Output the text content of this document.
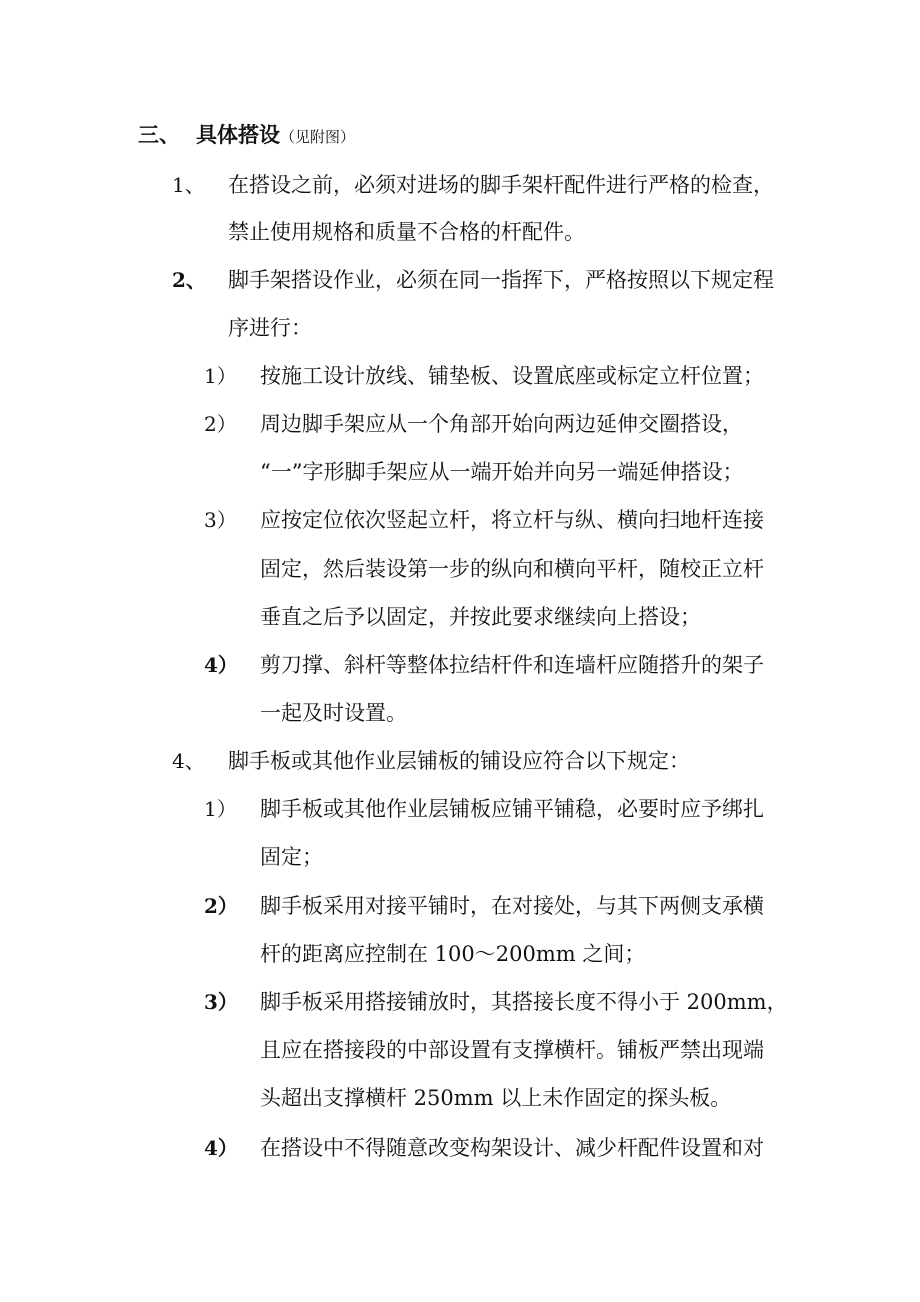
三、 具体搭设（见附图）
1、 在搭设之前，必须对进场的脚手架杆配件进行严格的检查，
禁止使用规格和质量不合格的杆配件。
2、 脚手架搭设作业，必须在同一指挥下，严格按照以下规定程
序进行：
1） 按施工设计放线、铺垫板、设置底座或标定立杆位置；
2） 周边脚手架应从一个角部开始向两边延伸交圈搭设，
“一”字形脚手架应从一端开始并向另一端延伸搭设；
3） 应按定位依次竖起立杆，将立杆与纵、横向扫地杆连接
固定，然后装设第一步的纵向和横向平杆，随校正立杆
垂直之后予以固定，并按此要求继续向上搭设；
4） 剪刀撑、斜杆等整体拉结杆件和连墙杆应随搭升的架子
一起及时设置。
4、 脚手板或其他作业层铺板的铺设应符合以下规定：
1） 脚手板或其他作业层铺板应铺平铺稳，必要时应予绑扎
固定；
2） 脚手板采用对接平铺时，在对接处，与其下两侧支承横
杆的距离应控制在 100～200mm 之间；
3） 脚手板采用搭接铺放时，其搭接长度不得小于 200mm，
且应在搭接段的中部设置有支撑横杆。铺板严禁出现端
头超出支撑横杆 250mm 以上未作固定的探头板。
4） 在搭设中不得随意改变构架设计、减少杆配件设置和对
